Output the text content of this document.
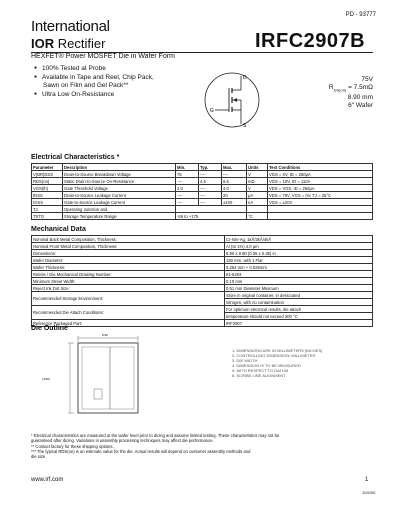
PD - 93777
International
IOR Rectifier	IRFC2907B
HEXFET® Power MOSFET Die in Wafer Form
● 100% Tested at Probe
● Available in Tape and Reel, Chip Pack,
Sawn on Film and Gel Pack**
● Ultra Low On-Resistance
D
G
S
75V
$R_{DS(on)} = 7.5m\Omega$
8.90 mm
6" Wafer
Electrical Characteristics *
Parameter	Description	Min.	Typ.	Max.	Units	Test Conditions
V(BR)DSS	Drain-to-Source Breakdown Voltage	75	----	----	V	VGS = 0V, ID = 250μA
RDS(on)	Static Drain-to-Source On-Resistance	----	4.5	5.5	mΩ	VGS = 10V, ID = 110A
VGS(th)	Gate Threshold Voltage	2.0	----	4.0	V	VDS = VGS, ID = 250μA
IDSS	Drain-to-Source Leakage Current	----	----	20	μA	VDS = 75V, VGS = 0V, TJ = 25°C
IGSS	Gate-to-Source Leakage Current	----	----	±100	nA	VGS = ±20V
TJ	Operating Junction and					
TSTG	Storage Temperature Range	-55 to +175			°C	
Mechanical Data
Nominal Back Metal Composition, Thickness:	Cr-NiV-Ag, 1kÅ/3kÅ/4kÅ
Nominal Front Metal Composition, Thickness:	Al (Si 1%) 4.0 μm
Dimensions:	8.90 x 8.90 (0.35 x 0.35) in
Wafer Diameter:	150 mm, with 1 Flat
Wafer Thickness:	0.254 mm + 0.025mm
Reticle / Die Mechanical Drawing Number:	01-5403
Minimum Street Width:	0.10 mm
Reject Ink Dot Size:	0.51 mm Diameter Minimum
Recommended Storage Environment:	Store in original container, in desiccated
	nitrogen, with no contamination
Recommended Die Attach Conditions:	For optimum electrical results, die attach
	temperature should not exceed 300 °C
Reference Packaged Part:	IRF2907
Die Outline
8.90
[.350]
1. DIMENSIONS ARE IN MILLIMETERS [INCHES]
2. CONTROLLING DIMENSION: MILLIMETER
3. DIE WIDTH
4. DIMENSION IS TO BE MEASURED
5. WITH RESPECT TO DATUM
6. SCRIBE LINE ALIGNMENT
* Electrical characteristics are measured at the wafer level prior to dicing and assume limited testing. These characteristics may not be
guaranteed after dicing. Variations in assembly processing techniques may affect die performance.
** Contact factory for these shipping options.
*** The typical RDS(on) is an estimate value for the die. Actual results will depend on customer assembly methods and
die size.
www.irf.com	1
10/2/00
